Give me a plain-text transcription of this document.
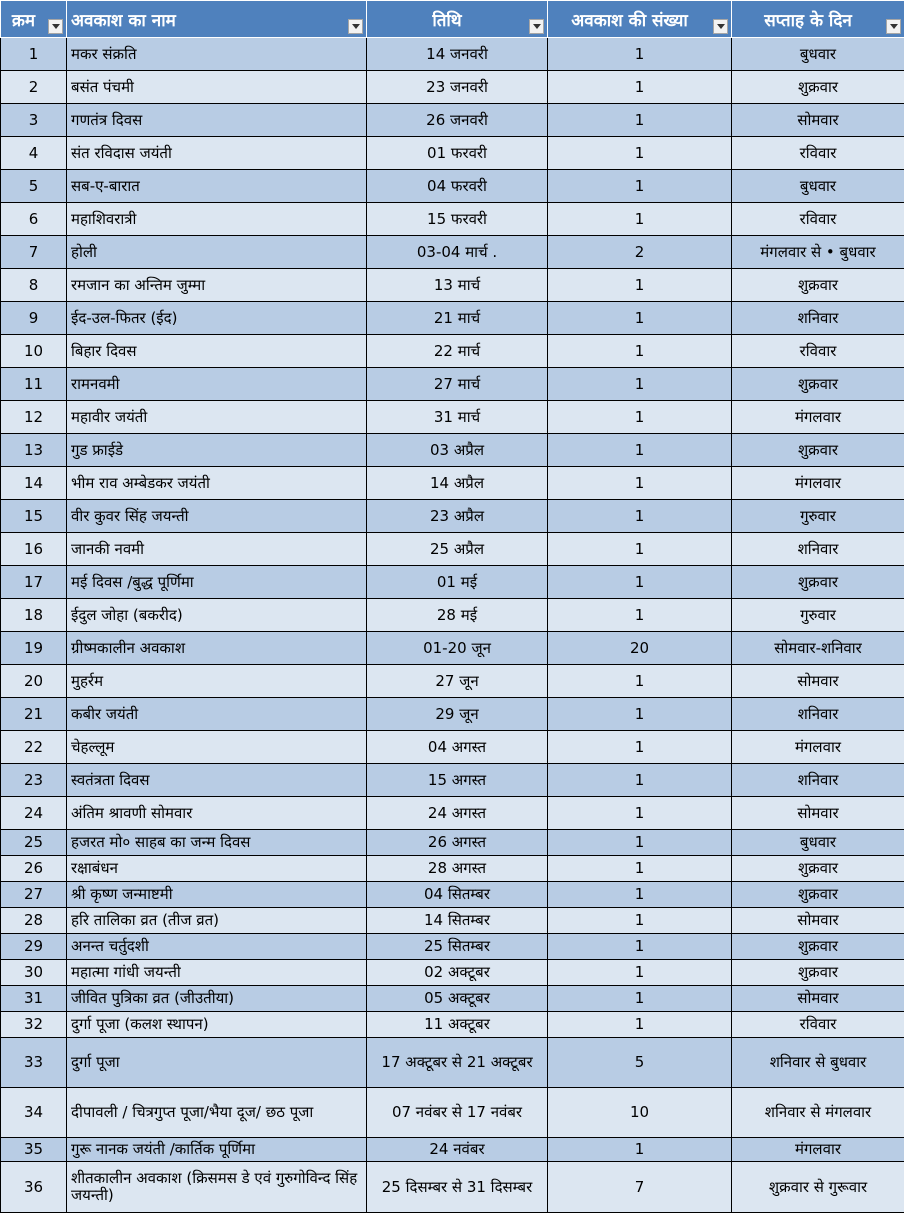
क्रम	अवकाश का नाम	तिथि	अवकाश की संख्या	सप्ताह के दिन

1	मकर संक्रति	14 जनवरी	1	बुधवार
2	बसंत पंचमी	23 जनवरी	1	शुक्रवार
3	गणतंत्र दिवस	26 जनवरी	1	सोमवार
4	संत रविदास जयंती	01 फरवरी	1	रविवार
5	सब-ए-बारात	04 फरवरी	1	बुधवार
6	महाशिवरात्री	15 फरवरी	1	रविवार
7	होली	03-04 मार्च .	2	मंगलवार से • बुधवार
8	रमजान का अन्तिम जुम्मा	13 मार्च	1	शुक्रवार
9	ईद-उल-फितर (ईद)	21 मार्च	1	शनिवार
10	बिहार दिवस	22 मार्च	1	रविवार
11	रामनवमी	27 मार्च	1	शुक्रवार
12	महावीर जयंती	31 मार्च	1	मंगलवार
13	गुड फ्राईडे	03 अप्रैल	1	शुक्रवार
14	भीम राव अम्बेडकर जयंती	14 अप्रैल	1	मंगलवार
15	वीर कुवर सिंह जयन्ती	23 अप्रैल	1	गुरुवार
16	जानकी नवमी	25 अप्रैल	1	शनिवार
17	मई दिवस /बुद्ध पूर्णिमा	01 मई	1	शुक्रवार
18	ईदुल जोहा (बकरीद)	28 मई	1	गुरुवार
19	ग्रीष्मकालीन अवकाश	01-20 जून	20	सोमवार-शनिवार
20	मुहर्रम	27 जून	1	सोमवार
21	कबीर जयंती	29 जून	1	शनिवार
22	चेहल्लूम	04 अगस्त	1	मंगलवार
23	स्वतंत्रता दिवस	15 अगस्त	1	शनिवार
24	अंतिम श्रावणी सोमवार	24 अगस्त	1	सोमवार
25	हजरत मो० साहब का जन्म दिवस	26 अगस्त	1	बुधवार
26	रक्षाबंधन	28 अगस्त	1	शुक्रवार
27	श्री कृष्ण जन्माष्टमी	04 सितम्बर	1	शुक्रवार
28	हरि तालिका व्रत (तीज व्रत)	14 सितम्बर	1	सोमवार
29	अनन्त चर्तुदशी	25 सितम्बर	1	शुक्रवार
30	महात्मा गांधी जयन्ती	02 अक्टूबर	1	शुक्रवार
31	जीवित पुत्रिका व्रत (जीउतीया)	05 अक्टूबर	1	सोमवार
32	दुर्गा पूजा (कलश स्थापन)	11 अक्टूबर	1	रविवार
33	दुर्गा पूजा	17 अक्टूबर से 21 अक्टूबर	5	शनिवार से बुधवार
34	दीपावली / चित्रगुप्त पूजा/भैया दूज/ छठ पूजा	07 नवंबर से 17 नवंबर	10	शनिवार से मंगलवार
35	गुरू नानक जयंती /कार्तिक पूर्णिमा	24 नवंबर	1	मंगलवार
36	शीतकालीन अवकाश (क्रिसमस डे एवं गुरुगोविन्द सिंह जयन्ती)	25 दिसम्बर से 31 दिसम्बर	7	शुक्रवार से गुरूवार
